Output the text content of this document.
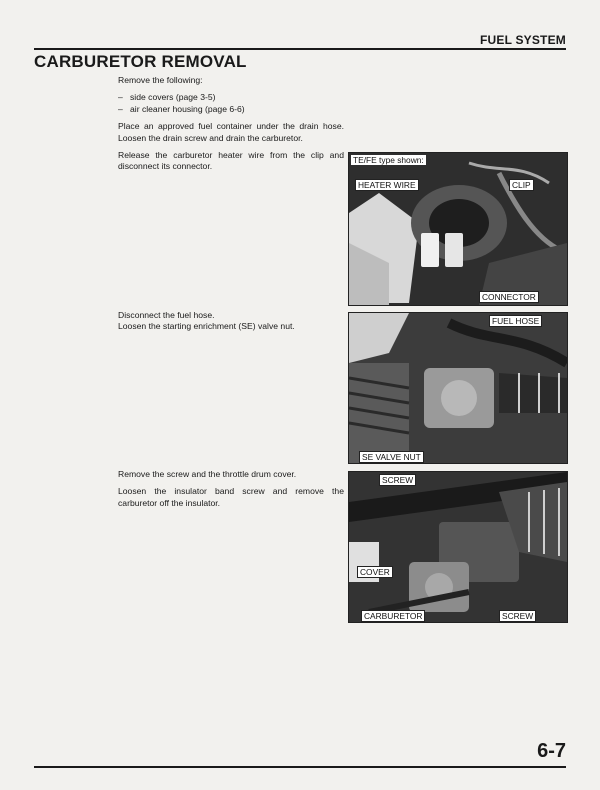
FUEL SYSTEM
CARBURETOR REMOVAL

Remove the following:

– side covers (page 3-5)
– air cleaner housing (page 6-6)

Place an approved fuel container under the drain hose. Loosen the drain screw and drain the carburetor.

Release the carburetor heater wire from the clip and disconnect its connector.

Disconnect the fuel hose.
Loosen the starting enrichment (SE) valve nut.

Remove the screw and the throttle drum cover.

Loosen the insulator band screw and remove the carburetor off the insulator.

TE/FE type shown:
HEATER WIRE	CLIP
CONNECTOR
FUEL HOSE
SE VALVE NUT
SCREW
COVER
CARBURETOR	SCREW
6-7
